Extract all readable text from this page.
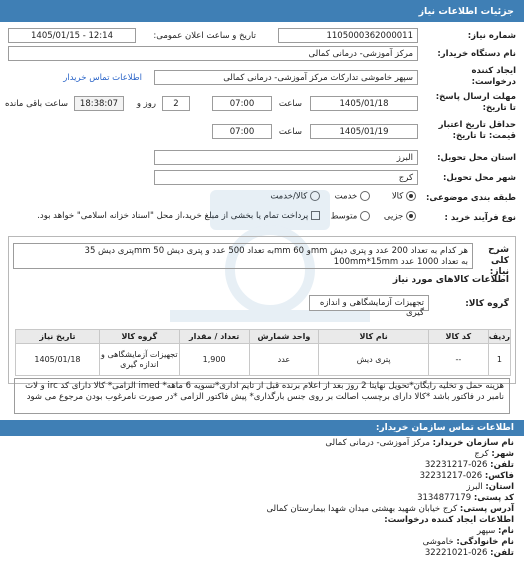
جزئیات اطلاعات نیاز
شماره نیاز:
1105000362000011
تاریخ و ساعت اعلان عمومی:
1405/01/15 - 12:14
نام دستگاه خریدار:
مرکز آموزشی- درمانی کمالی
ایجاد کننده
درخواست:
سپهر خاموشی تدارکات مرکز آموزشی- درمانی کمالی
اطلاعات تماس خریدار
مهلت ارسال پاسخ:
تا تاریخ:
1405/01/18
ساعت
07:00
2
روز و
18:38:07
ساعت باقی مانده
حداقل تاریخ اعتبار
قیمت: تا تاریخ:
1405/01/19
ساعت
07:00
استان محل تحویل:
البرز
شهر محل تحویل:
کرج
طبقه بندی موضوعی:
کالا
خدمت
کالا/خدمت
نوع فرآیند خرید :
جزیی
متوسط
پرداخت تمام یا بخشی از مبلغ خرید،از محل "اسناد خزانه اسلامی" خواهد بود.
شرح کلی نیاز:
پتری دیش 35mm به تعداد 500 عدد و پتری دیش 50mm و 60mm هر کدام به تعداد 200 عدد و پتری دیش 100mm*15mm به تعداد 1000 عدد
اطلاعات کالاهای مورد نیاز
گروه کالا:
تجهیزات آزمایشگاهی و اندازه گیری
ردیف	کد کالا	نام کالا	واحد شمارش	تعداد / مقدار	گروه کالا	تاریخ نیاز
1	--	پتری دیش	عدد	1,900	تجهیزات آزمایشگاهی و اندازه گیری	1405/01/18
هزینه حمل و تخلیه رایگان*تحویل نهایتا 2 روز بعد از اعلام برنده قبل از تایم اداری*تسویه 6 ماهه* imed الزامی* کالا دارای کد irc و لات نامبر در فاکتور باشد *کالا دارای برچسب اصالت بر روی جنس بارگذاری* پیش فاکتور الزامی *در صورت نامرغوب بودن مرجوع می شود
اطلاعات تماس سازمان خریدار:
نام سازمان خریدار: مرکز آموزشی- درمانی کمالی
شهر: کرج
تلفن: 026-32231217
فاکس: 026-32231217
استان: البرز
کد پستی: 3134877179
آدرس پستی: کرج خیابان شهید بهشتی میدان شهدا بیمارستان کمالی
اطلاعات ایجاد کننده درخواست:
نام: سپهر
نام خانوادگی: خاموشی
تلفن: 026-32221021
